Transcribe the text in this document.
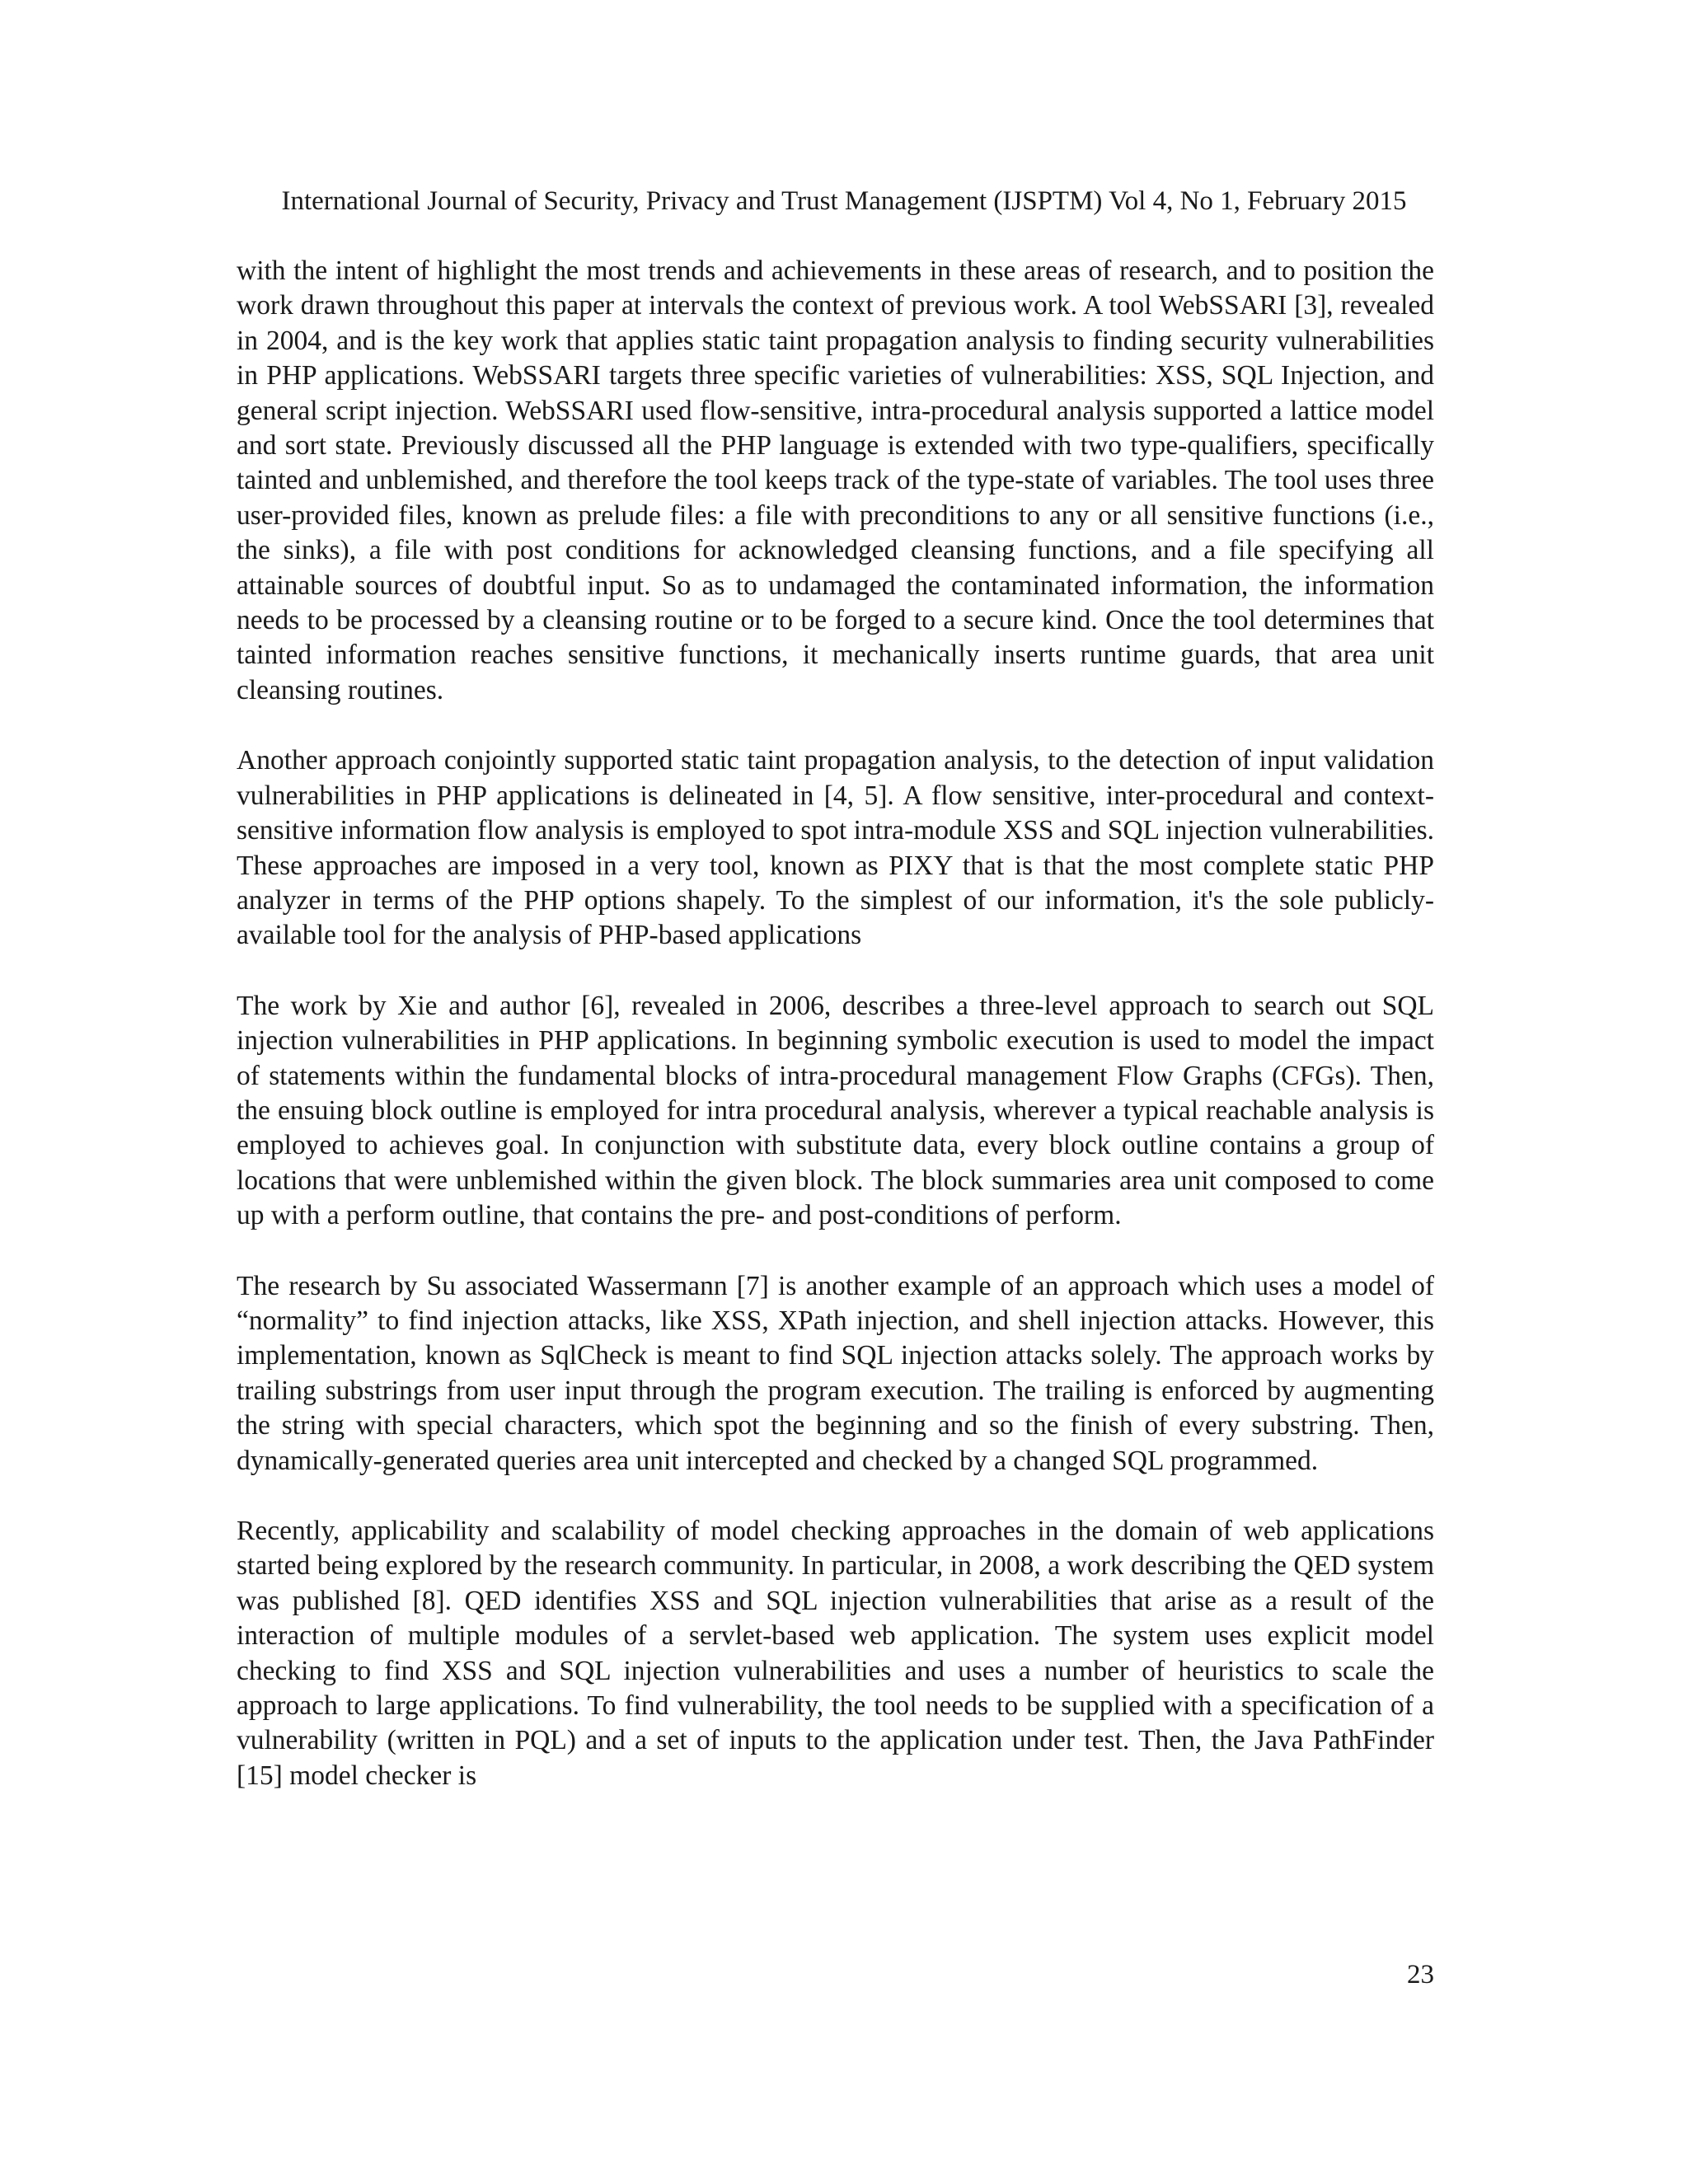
International Journal of Security, Privacy and Trust Management (IJSPTM) Vol 4, No 1, February 2015

with the intent of highlight the most trends and achievements in these areas of research, and to position the work drawn throughout this paper at intervals the context of previous work. A tool WebSSARI [3], revealed in 2004, and is the key work that applies static taint propagation analysis to finding security vulnerabilities in PHP applications. WebSSARI targets three specific varieties of vulnerabilities: XSS, SQL Injection, and general script injection. WebSSARI used flow-sensitive, intra-procedural analysis supported a lattice model and sort state. Previously discussed all the PHP language is extended with two type-qualifiers, specifically tainted and unblemished, and therefore the tool keeps track of the type-state of variables. The tool uses three user-provided files, known as prelude files: a file with preconditions to any or all sensitive functions (i.e., the sinks), a file with post conditions for acknowledged cleansing functions, and a file specifying all attainable sources of doubtful input. So as to undamaged the contaminated information, the information needs to be processed by a cleansing routine or to be forged to a secure kind. Once the tool determines that tainted information reaches sensitive functions, it mechanically inserts runtime guards, that area unit cleansing routines.

Another approach conjointly supported static taint propagation analysis, to the detection of input validation vulnerabilities in PHP applications is delineated in [4, 5]. A flow sensitive, inter-procedural and context-sensitive information flow analysis is employed to spot intra-module XSS and SQL injection vulnerabilities. These approaches are imposed in a very tool, known as PIXY that is that the most complete static PHP analyzer in terms of the PHP options shapely. To the simplest of our information, it's the sole publicly-available tool for the analysis of PHP-based applications

The work by Xie and author [6], revealed in 2006, describes a three-level approach to search out SQL injection vulnerabilities in PHP applications. In beginning symbolic execution is used to model the impact of statements within the fundamental blocks of intra-procedural management Flow Graphs (CFGs). Then, the ensuing block outline is employed for intra procedural analysis, wherever a typical reachable analysis is employed to achieves goal. In conjunction with substitute data, every block outline contains a group of locations that were unblemished within the given block. The block summaries area unit composed to come up with a perform outline, that contains the pre- and post-conditions of perform.

The research by Su associated Wassermann [7] is another example of an approach which uses a model of “normality” to find injection attacks, like XSS, XPath injection, and shell injection attacks. However, this implementation, known as SqlCheck is meant to find SQL injection attacks solely. The approach works by trailing substrings from user input through the program execution. The trailing is enforced by augmenting the string with special characters, which spot the beginning and so the finish of every substring. Then, dynamically-generated queries area unit intercepted and checked by a changed SQL programmed.

Recently, applicability and scalability of model checking approaches in the domain of web applications started being explored by the research community. In particular, in 2008, a work describing the QED system was published [8]. QED identifies XSS and SQL injection vulnerabilities that arise as a result of the interaction of multiple modules of a servlet-based web application. The system uses explicit model checking to find XSS and SQL injection vulnerabilities and uses a number of heuristics to scale the approach to large applications. To find vulnerability, the tool needs to be supplied with a specification of a vulnerability (written in PQL) and a set of inputs to the application under test. Then, the Java PathFinder [15] model checker is

23
